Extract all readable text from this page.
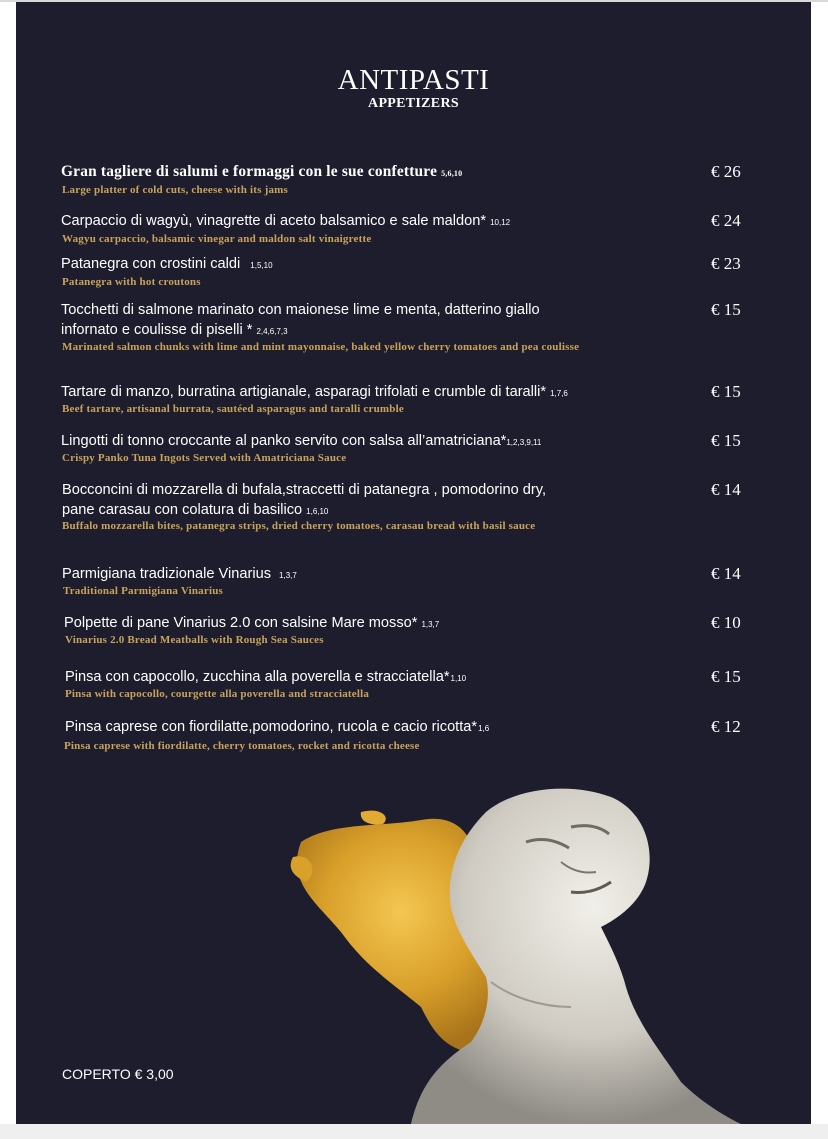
ANTIPASTI
APPETIZERS
Gran tagliere di salumi e formaggi con le sue confetture 5,6,10
Large platter of cold cuts, cheese with its jams
€ 26
Carpaccio di wagyù, vinagrette di aceto balsamico e sale maldon* 10,12
Wagyu carpaccio, balsamic vinegar and maldon salt vinaigrette
€ 24
Patanegra con crostini caldi 1,5,10
Patanegra with hot croutons
€ 23
Tocchetti di salmone marinato con maionese lime e menta, datterino giallo infornato e coulisse di piselli * 2,4,6,7,3
Marinated salmon chunks with lime and mint mayonnaise, baked yellow cherry tomatoes and pea coulisse
€ 15
Tartare di manzo, burratina artigianale, asparagi trifolati e crumble di taralli* 1,7,6
Beef tartare, artisanal burrata, sautéed asparagus and taralli crumble
€ 15
Lingotti di tonno croccante al panko servito con salsa all’amatriciana*1,2,3,9,11
Crispy Panko Tuna Ingots Served with Amatriciana Sauce
€ 15
Bocconcini di mozzarella di bufala,straccetti di patanegra , pomodorino dry, pane carasau con colatura di basilico 1,6,10
Buffalo mozzarella bites, patanegra strips, dried cherry tomatoes, carasau bread with basil sauce
€ 14
Parmigiana tradizionale Vinarius 1,3,7
Traditional Parmigiana Vinarius
€ 14
Polpette di pane Vinarius 2.0 con salsine Mare mosso* 1,3,7
Vinarius 2.0 Bread Meatballs with Rough Sea Sauces
€ 10
Pinsa con capocollo, zucchina alla poverella e stracciatella*1,10
Pinsa with capocollo, courgette alla poverella and stracciatella
€ 15
Pinsa caprese con fiordilatte,pomodorino, rucola e cacio ricotta*1,6
Pinsa caprese with fiordilatte, cherry tomatoes, rocket and ricotta cheese
€ 12
COPERTO € 3,00
